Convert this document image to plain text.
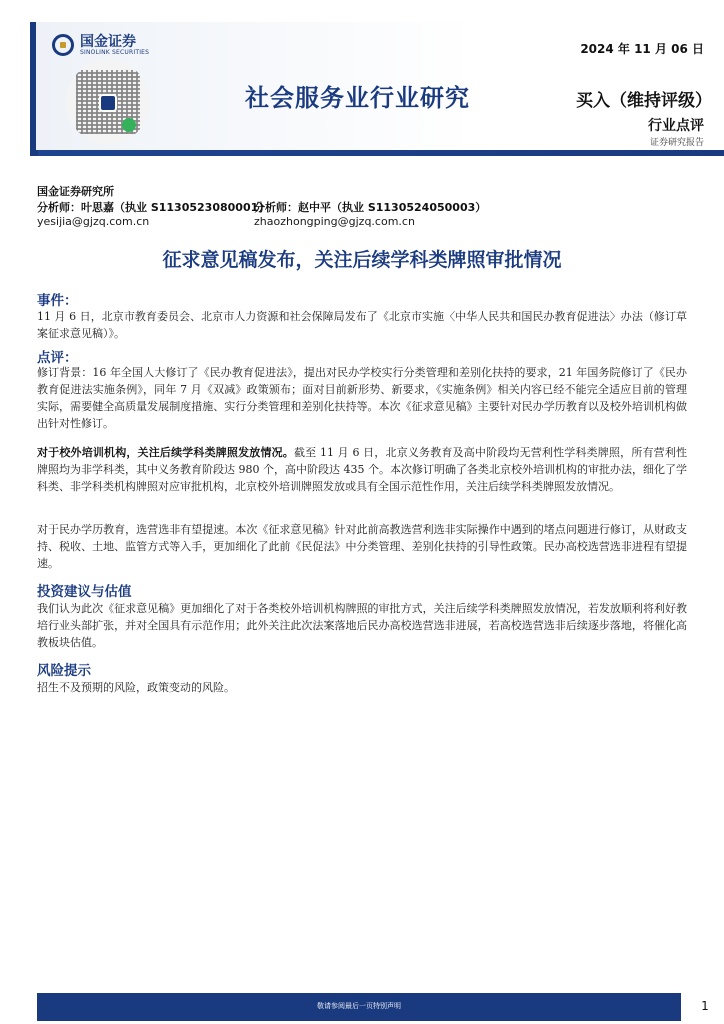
国金证券
SINOLINK SECURITIES	2024 年 11 月 06 日
社会服务业行业研究	买入（维持评级）
行业点评
证券研究报告
国金证券研究所
分析师：叶思嘉（执业 S1130523080001）
分析师：赵中平（执业 S1130524050003）
yesijia@gjzq.com.cn	zhaozhongping@gjzq.com.cn
征求意见稿发布，关注后续学科类牌照审批情况
事件：

11 月 6 日，北京市教育委员会、北京市人力资源和社会保障局发布了《北京市实施〈中华人民共和国民办教育促进法〉办法（修订草案征求意见稿）》。

点评：

修订背景：16 年全国人大修订了《民办教育促进法》，提出对民办学校实行分类管理和差别化扶持的要求，21 年国务院修订了《民办教育促进法实施条例》，同年 7 月《双减》政策颁布；面对目前新形势、新要求，《实施条例》相关内容已经不能完全适应目前的管理实际，需要健全高质量发展制度措施、实行分类管理和差别化扶持等。本次《征求意见稿》主要针对民办学历教育以及校外培训机构做出针对性修订。

对于校外培训机构，关注后续学科类牌照发放情况。截至 11 月 6 日，北京义务教育及高中阶段均无营利性学科类牌照，所有营利性牌照均为非学科类，其中义务教育阶段达 980 个，高中阶段达 435 个。本次修订明确了各类北京校外培训机构的审批办法，细化了学科类、非学科类机构牌照对应审批机构，北京校外培训牌照发放或具有全国示范性作用，关注后续学科类牌照发放情况。

对于民办学历教育，选营选非有望提速。本次《征求意见稿》针对此前高教选营利选非实际操作中遇到的堵点问题进行修订，从财政支持、税收、土地、监管方式等入手，更加细化了此前《民促法》中分类管理、差别化扶持的引导性政策。民办高校选营选非进程有望提速。

投资建议与估值

我们认为此次《征求意见稿》更加细化了对于各类校外培训机构牌照的审批方式，关注后续学科类牌照发放情况，若发放顺利将利好教培行业头部扩张，并对全国具有示范作用；此外关注此次法案落地后民办高校选营选非进展，若高校选营选非后续逐步落地，将催化高教板块估值。

风险提示

招生不及预期的风险，政策变动的风险。

敬请参阅最后一页特别声明	1
